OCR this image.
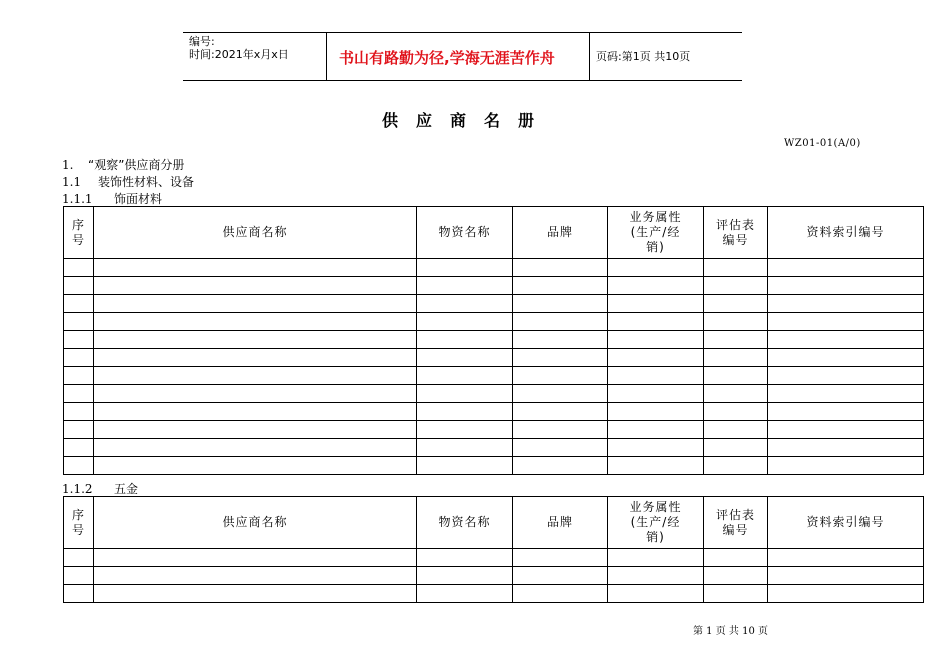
编号:
时间:2021年x月x日	书山有路勤为径,学海无涯苦作舟	页码:第1页 共10页
供应商名册
WZ01-01(A/0)
1. “观察”供应商分册
1.1 装饰性材料、设备
1.1.1 饰面材料
序号	供应商名称	物资名称	品牌	业务属性(生产/经销)	评估表编号	资料索引编号

1.1.2 五金
序号	供应商名称	物资名称	品牌	业务属性(生产/经销)	评估表编号	资料索引编号

第 1 页 共 10 页
